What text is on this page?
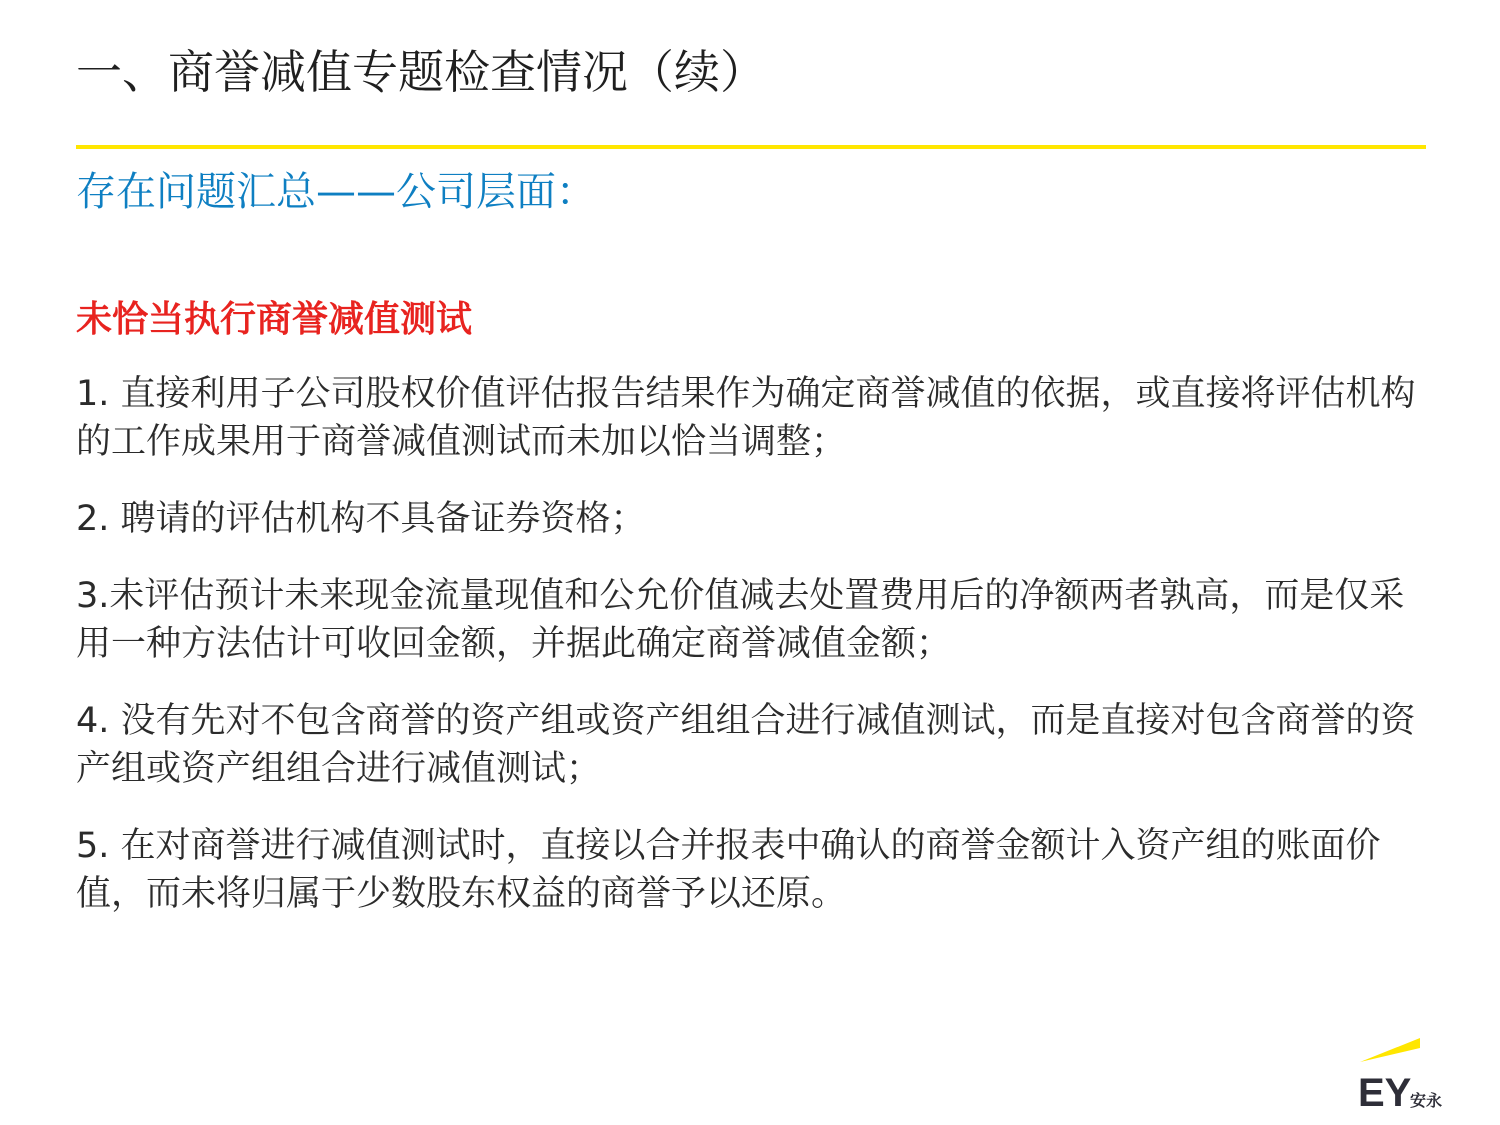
一、商誉减值专题检查情况（续）
存在问题汇总——公司层面：
未恰当执行商誉减值测试
1. 直接利用子公司股权价值评估报告结果作为确定商誉减值的依据，或直接将评估机构的工作成果用于商誉减值测试而未加以恰当调整；
2. 聘请的评估机构不具备证券资格；
3.未评估预计未来现金流量现值和公允价值减去处置费用后的净额两者孰高，而是仅采用一种方法估计可收回金额，并据此确定商誉减值金额；
4. 没有先对不包含商誉的资产组或资产组组合进行减值测试，而是直接对包含商誉的资产组或资产组组合进行减值测试；
5. 在对商誉进行减值测试时，直接以合并报表中确认的商誉金额计入资产组的账面价值，而未将归属于少数股东权益的商誉予以还原。
EY
安永
